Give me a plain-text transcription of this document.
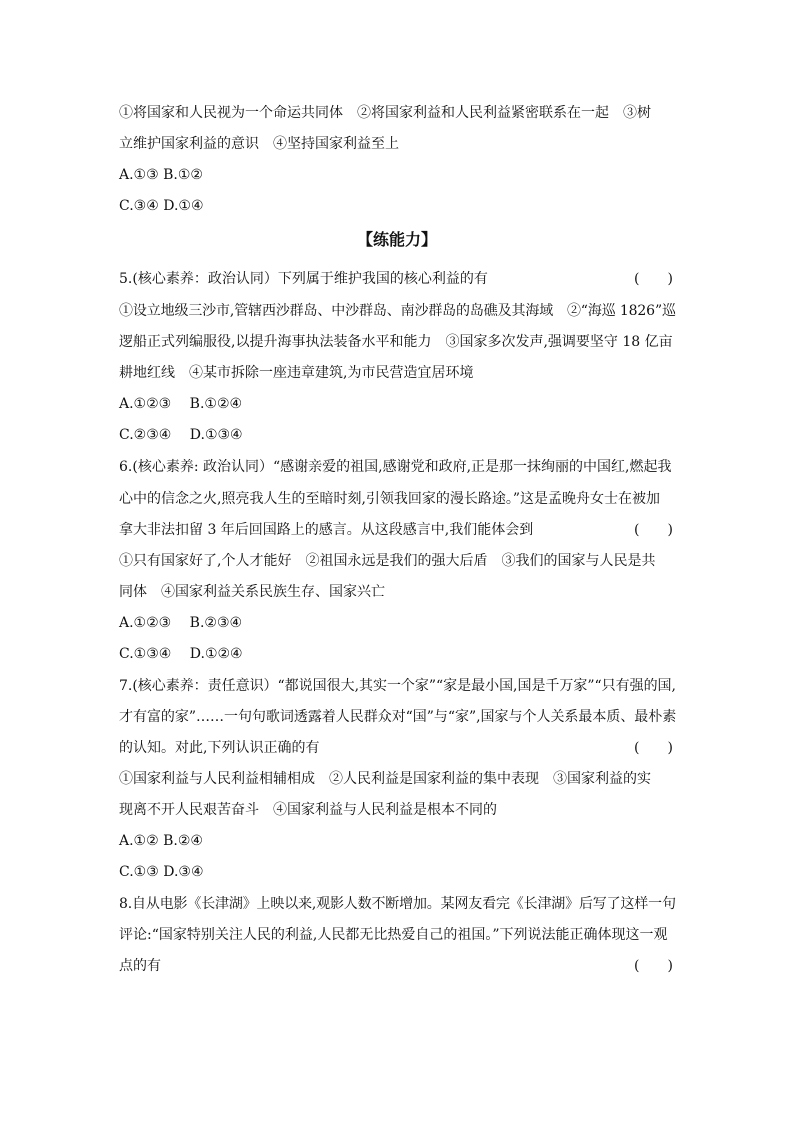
①将国家和人民视为一个命运共同体　②将国家利益和人民利益紧密联系在一起　③树
立维护国家利益的意识　④坚持国家利益至上
A.①③ B.①②
C.③④ D.①④
【练能力】
5.(核心素养：政治认同）下列属于维护我国的核心利益的有	(　　)
①设立地级三沙市,管辖西沙群岛、中沙群岛、南沙群岛的岛礁及其海域　②“海巡 1826”巡
逻船正式列编服役,以提升海事执法装备水平和能力　③国家多次发声,强调要坚守 18 亿亩
耕地红线　④某市拆除一座违章建筑,为市民营造宜居环境
A.①②③　 B.①②④
C.②③④　 D.①③④
6.(核心素养: 政治认同）“感谢亲爱的祖国,感谢党和政府,正是那一抹绚丽的中国红,燃起我
心中的信念之火,照亮我人生的至暗时刻,引领我回家的漫长路途。”这是孟晚舟女士在被加
拿大非法扣留 3 年后回国路上的感言。从这段感言中,我们能体会到	(　　)
①只有国家好了,个人才能好　②祖国永远是我们的强大后盾　③我们的国家与人民是共
同体　④国家利益关系民族生存、国家兴亡
A.①②③　 B.②③④
C.①③④　 D.①②④
7.(核心素养：责任意识）“都说国很大,其实一个家”“家是最小国,国是千万家”“只有强的国,
才有富的家”……一句句歌词透露着人民群众对“国”与“家”,国家与个人关系最本质、最朴素
的认知。对此,下列认识正确的有	(　　)
①国家利益与人民利益相辅相成　②人民利益是国家利益的集中表现　③国家利益的实
现离不开人民艰苦奋斗　④国家利益与人民利益是根本不同的
A.①② B.②④
C.①③ D.③④
8.自从电影《长津湖》上映以来,观影人数不断增加。某网友看完《长津湖》后写了这样一句
评论:“国家特别关注人民的利益,人民都无比热爱自己的祖国。”下列说法能正确体现这一观
点的有	(　　)
